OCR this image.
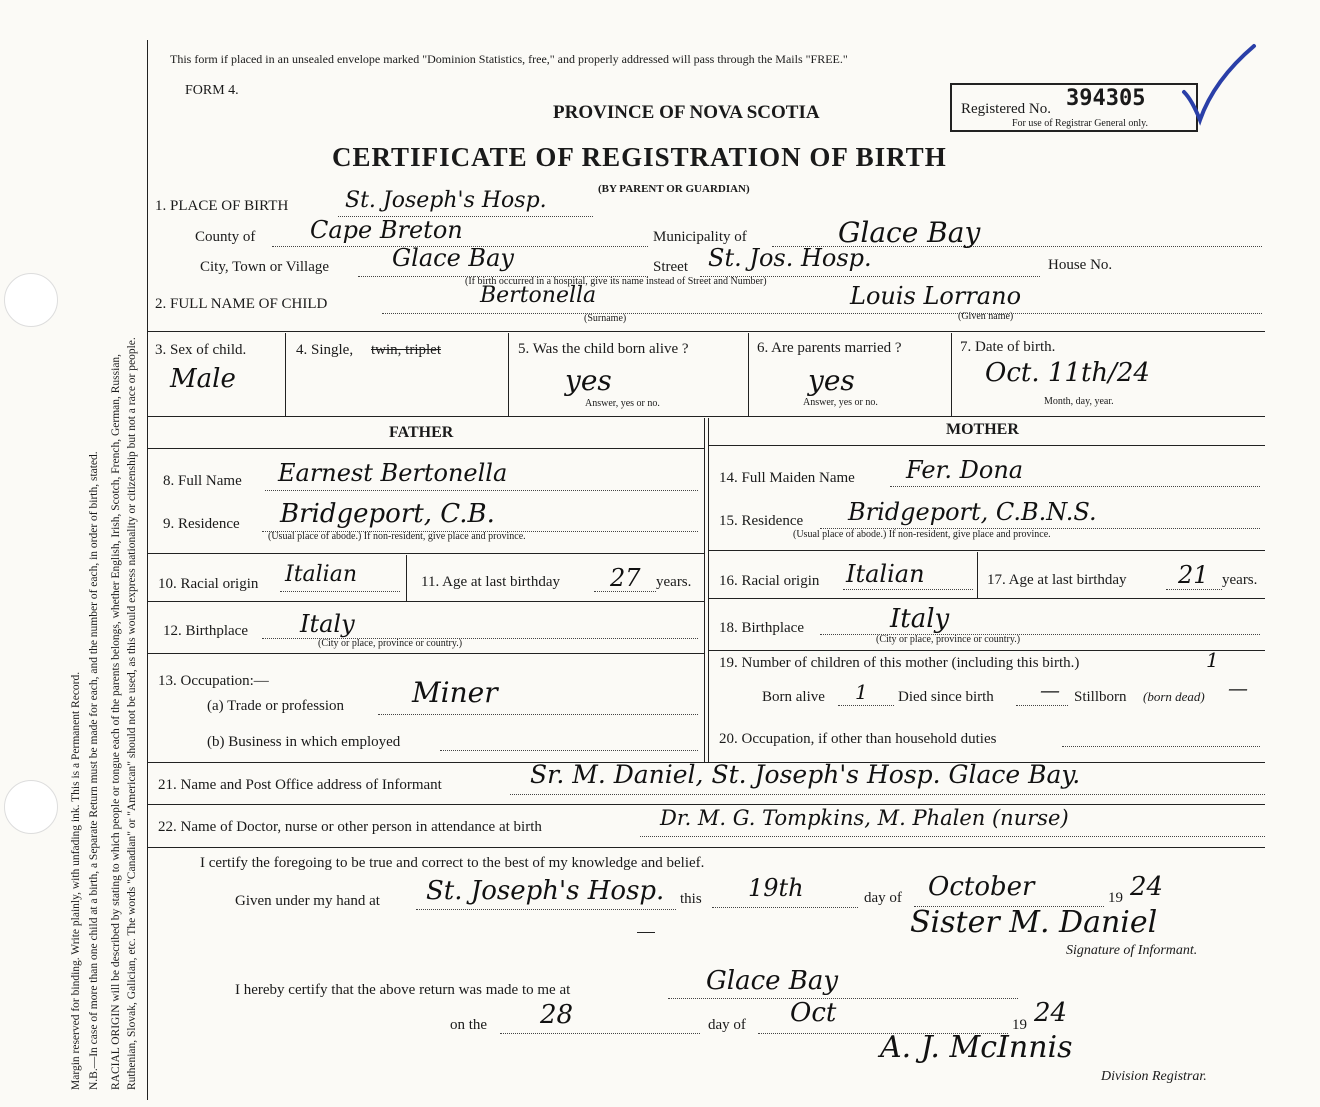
Margin reserved for binding. Write plainly, with unfading ink. This is a Permanent Record. N.B.—In case of more than one child at a birth, a Separate Return must be made for each, and the number of each, in order of birth, stated. RACIAL ORIGIN will be described by stating to which people or tongue each of the parents belongs, whether English, Irish, Scotch, French, German, Russian, Ruthenian, Slovak, Galician, etc. The words "Canadian" or "American" should not be used, as this would express nationality or citizenship but not a race or people.
This form if placed in an unsealed envelope marked "Dominion Statistics, free," and properly addressed will pass through the Mails "FREE."
FORM 4.
PROVINCE OF NOVA SCOTIA
CERTIFICATE OF REGISTRATION OF BIRTH
(BY PARENT OR GUARDIAN)
Registered No. 394305
For use of Registrar General only.
1. PLACE OF BIRTH	St. Joseph's Hosp.
County of Cape Breton	Municipality of	Glace Bay
City, Town or Village	Glace Bay	Street St. Jos. Hosp.	House No.
(If birth occurred in a hospital, give its name instead of Street and Number)
2. FULL NAME OF CHILD	Bertonella	Louis Lorrano
(Surname)	(Given name)
3. Sex of child.
Male
4. Single, twin, triplet	5. Was the child born alive ?
yes
Answer, yes or no.
6. Are parents married ?
yes
Answer, yes or no.
7. Date of birth.
Oct. 11th/24
Month, day, year.
FATHER	MOTHER
8. Full Name Earnest Bertonella
9. Residence Bridgeport, C.B.
(Usual place of abode.) If non-resident, give place and province.
10. Racial origin Italian	11. Age at last birthday 27 years.
12. Birthplace Italy
(City or place, province or country.)
13. Occupation:—
(a) Trade or profession Miner
(b) Business in which employed
14. Full Maiden Name Fer. Dona
15. Residence Bridgeport, C.B.N.S.
(Usual place of abode.) If non-resident, give place and province.
16. Racial origin Italian	17. Age at last birthday 21 years.
18. Birthplace	Italy
(City or place, province or country.)
19. Number of children of this mother (including this birth.)	1
Born alive 1 Died since birth — Stillborn (born dead) —
20. Occupation, if other than household duties
21. Name and Post Office address of Informant	Sr. M. Daniel, St. Joseph's Hosp. Glace Bay.
22. Name of Doctor, nurse or other person in attendance at birth	Dr. M. G. Tompkins, M. Phalen (nurse)
I certify the foregoing to be true and correct to the best of my knowledge and belief.
Given under my hand at St. Joseph's Hosp. this 19th	day of October	19 24
Sister M. Daniel
Signature of Informant.
I hereby certify that the above return was made to me at	Glace Bay
on the 28	day of Oct	19 24
A. J. McInnis
Division Registrar.
